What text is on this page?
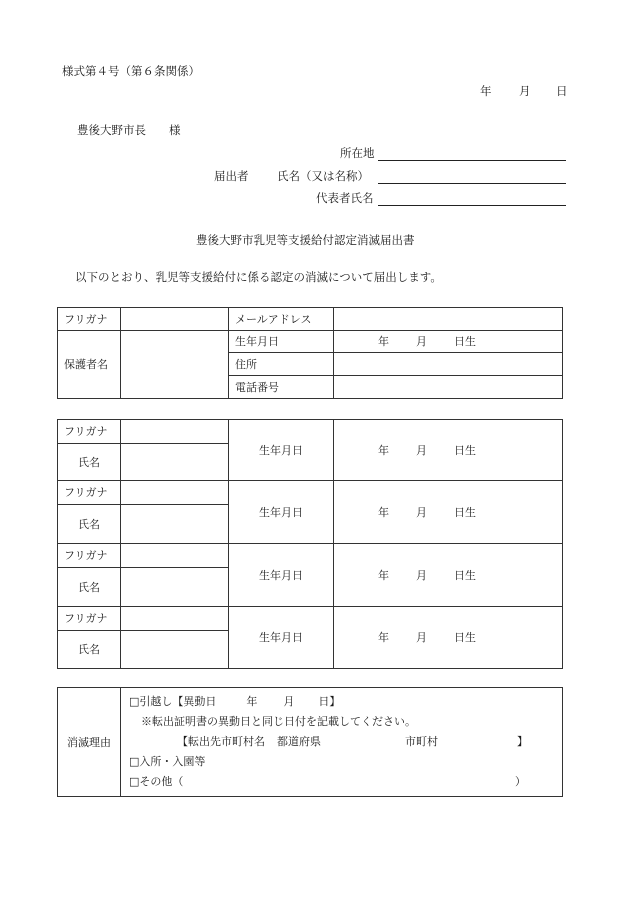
様式第４号（第６条関係）
年 月 日
豊後大野市長　　様
所在地
届出者 氏名（又は名称）
代表者氏名
豊後大野市乳児等支援給付認定消滅届出書
以下のとおり、乳児等支援給付に係る認定の消滅について届出します。
フリガナ		メールアドレス	
保護者名		生年月日	年 月 日生

		住所	
		電話番号	
フリガナ		生年月日	年 月 日生

氏名			
フリガナ		生年月日	年 月 日生

氏名			
フリガナ		生年月日	年 月 日生

氏名			
フリガナ		生年月日	年 月 日生

氏名			
消滅理由	
□引越し【異動日	年 月 日】
※転出証明書の異動日と同じ日付を記載してください。
【転出先市町村名 都道府県	市町村	】
□入所・入園等
□その他（	）
